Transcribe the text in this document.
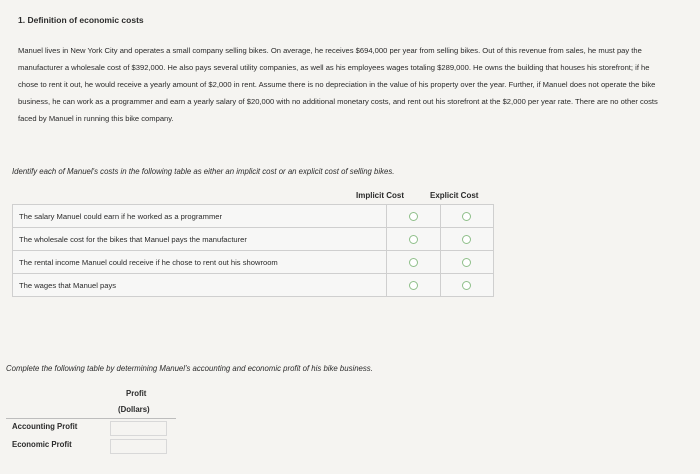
1. Definition of economic costs
Manuel lives in New York City and operates a small company selling bikes. On average, he receives $694,000 per year from selling bikes. Out of this revenue from sales, he must pay the manufacturer a wholesale cost of $392,000. He also pays several utility companies, as well as his employees wages totaling $289,000. He owns the building that houses his storefront; if he chose to rent it out, he would receive a yearly amount of $2,000 in rent. Assume there is no depreciation in the value of his property over the year. Further, if Manuel does not operate the bike business, he can work as a programmer and earn a yearly salary of $20,000 with no additional monetary costs, and rent out his storefront at the $2,000 per year rate. There are no other costs faced by Manuel in running this bike company.
Identify each of Manuel's costs in the following table as either an implicit cost or an explicit cost of selling bikes.
Implicit Cost	Explicit Cost
The salary Manuel could earn if he worked as a programmer		
The wholesale cost for the bikes that Manuel pays the manufacturer		
The rental income Manuel could receive if he chose to rent out his showroom		
The wages that Manuel pays		
Complete the following table by determining Manuel's accounting and economic profit of his bike business.
Profit
(Dollars)
Accounting Profit
Economic Profit
